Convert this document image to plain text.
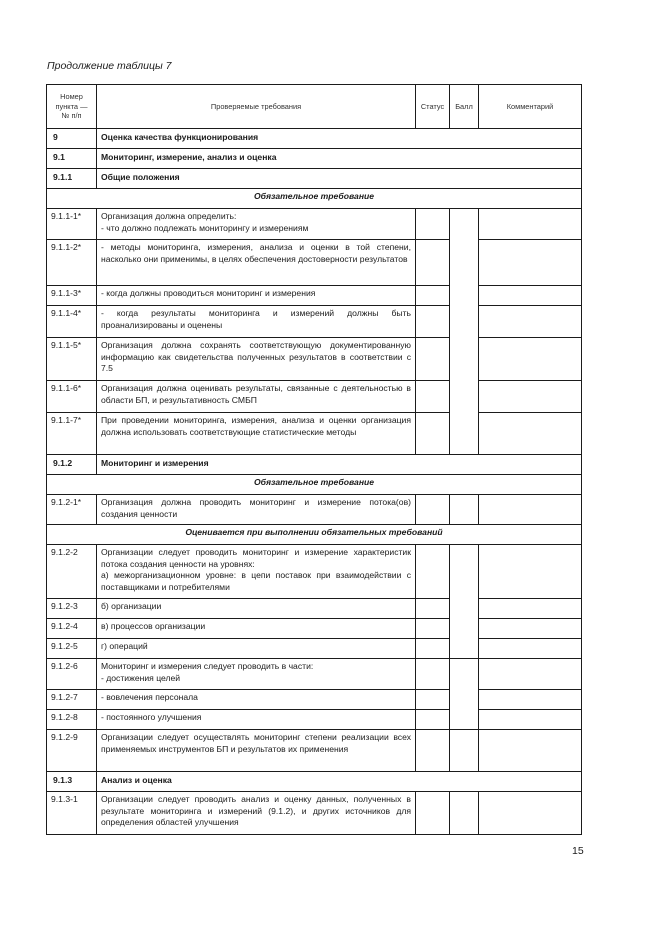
Продолжение таблицы 7
Номер пункта — № п/п	Проверяемые требования	Статус	Балл	Комментарий
9	Оценка качества функционирования			
9.1	Мониторинг, измерение, анализ и оценка			
9.1.1	Общие положения			
Обязательное требование				
9.1.1-1*	Организация должна определить:
- что должно подлежать мониторингу и измерениям			
9.1.1-2*	- методы мониторинга, измерения, анализа и оценки в той степени, насколько они применимы, в целях обеспечения достоверности результатов			
9.1.1-3*	- когда должны проводиться мониторинг и измерения			
9.1.1-4*	- когда результаты мониторинга и измерений должны быть проанализированы и оценены			
9.1.1-5*	Организация должна сохранять соответствующую документированную информацию как свидетельства полученных результатов в соответствии с 7.5			
9.1.1-6*	Организация должна оценивать результаты, связанные с деятельностью в области БП, и результативность СМБП			
9.1.1-7*	При проведении мониторинга, измерения, анализа и оценки организация должна использовать соответствующие статистические методы			
9.1.2	Мониторинг и измерения			
Обязательное требование				
9.1.2-1*	Организация должна проводить мониторинг и измерение потока(ов) создания ценности			
Оценивается при выполнении обязательных требований				
9.1.2-2	Организации следует проводить мониторинг и измерение характеристик потока создания ценности на уровнях:
а) межорганизационном уровне: в цепи поставок при взаимодействии с поставщиками и потребителями			
9.1.2-3	б) организации			
9.1.2-4	в) процессов организации			
9.1.2-5	г) операций			
9.1.2-6	Мониторинг и измерения следует проводить в части:
- достижения целей			
9.1.2-7	- вовлечения персонала			
9.1.2-8	- постоянного улучшения			
9.1.2-9	Организации следует осуществлять мониторинг степени реализации всех применяемых инструментов БП и результатов их применения			
9.1.3	Анализ и оценка			
9.1.3-1	Организации следует проводить анализ и оценку данных, полученных в результате мониторинга и измерений (9.1.2), и других источников для определения областей улучшения			
15
